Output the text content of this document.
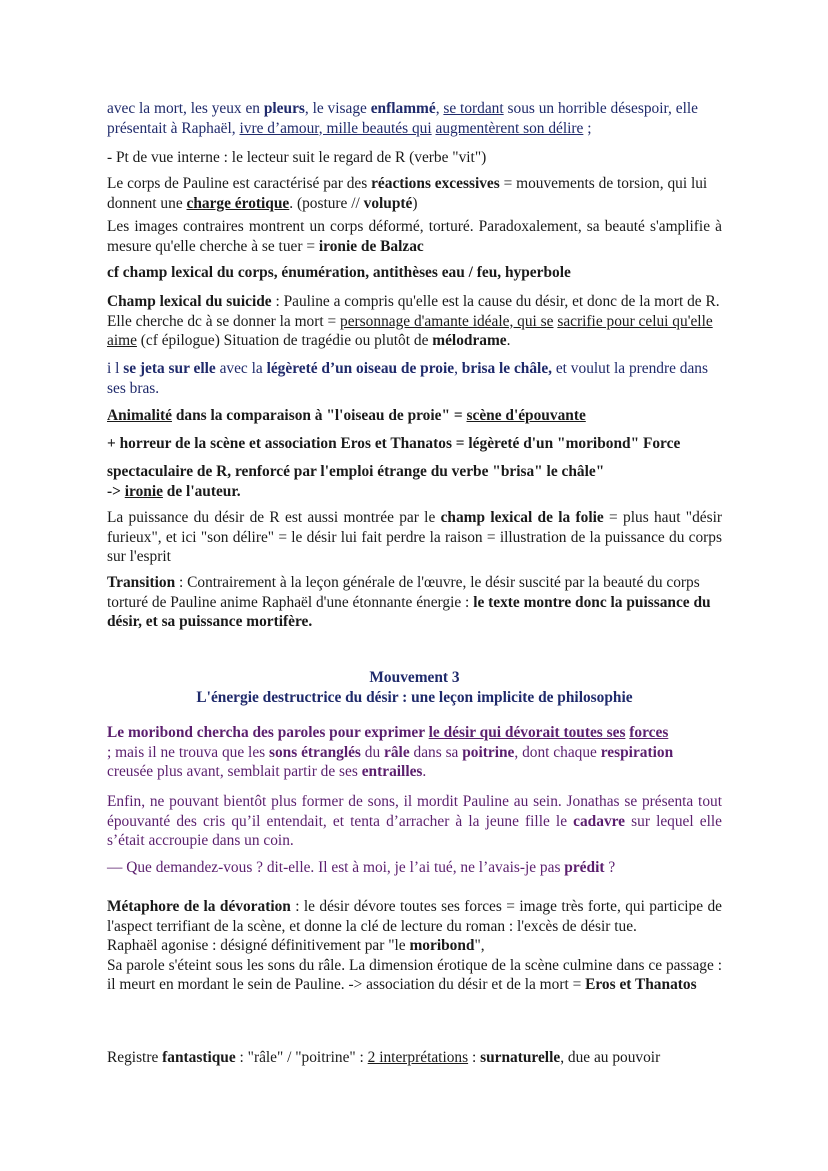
avec la mort, les yeux en pleurs, le visage enflammé, se tordant sous un horrible désespoir, elle présentait à Raphaël, ivre d’amour, mille beautés qui augmentèrent son délire ;

- Pt de vue interne : le lecteur suit le regard de R (verbe "vit")

Le corps de Pauline est caractérisé par des réactions excessives = mouvements de torsion, qui lui donnent une charge érotique. (posture // volupté)

Les images contraires montrent un corps déformé, torturé. Paradoxalement, sa beauté s'amplifie à mesure qu'elle cherche à se tuer = ironie de Balzac

cf champ lexical du corps, énumération, antithèses eau / feu, hyperbole

Champ lexical du suicide : Pauline a compris qu'elle est la cause du désir, et donc de la mort de R. Elle cherche dc à se donner la mort = personnage d'amante idéale, qui se sacrifie pour celui qu'elle aime (cf épilogue) Situation de tragédie ou plutôt de mélodrame.

i l se jeta sur elle avec la légèreté d’un oiseau de proie, brisa le châle, et voulut la prendre dans ses bras.

Animalité dans la comparaison à "l'oiseau de proie" = scène d'épouvante

+ horreur de la scène et association Eros et Thanatos = légèreté d'un "moribond" Force

spectaculaire de R, renforcé par l'emploi étrange du verbe "brisa" le châle"
-> ironie de l'auteur.

La puissance du désir de R est aussi montrée par le champ lexical de la folie = plus haut "désir furieux", et ici "son délire" = le désir lui fait perdre la raison = illustration de la puissance du corps sur l'esprit

Transition : Contrairement à la leçon générale de l'œuvre, le désir suscité par la beauté du corps torturé de Pauline anime Raphaël d'une étonnante énergie : le texte montre donc la puissance du désir, et sa puissance mortifère.

Mouvement 3
L'énergie destructrice du désir : une leçon implicite de philosophie

Le moribond chercha des paroles pour exprimer le désir qui dévorait toutes ses forces
; mais il ne trouva que les sons étranglés du râle dans sa poitrine, dont chaque respiration creusée plus avant, semblait partir de ses entrailles.

Enfin, ne pouvant bientôt plus former de sons, il mordit Pauline au sein. Jonathas se présenta tout épouvanté des cris qu’il entendait, et tenta d’arracher à la jeune fille le cadavre sur lequel elle s’était accroupie dans un coin.

— Que demandez-vous ? dit-elle. Il est à moi, je l’ai tué, ne l’avais-je pas prédit ?

Métaphore de la dévoration : le désir dévore toutes ses forces = image très forte, qui participe de l'aspect terrifiant de la scène, et donne la clé de lecture du roman : l'excès de désir tue.
Raphaël agonise : désigné définitivement par "le moribond",
Sa parole s'éteint sous les sons du râle. La dimension érotique de la scène culmine dans ce passage : il meurt en mordant le sein de Pauline. -> association du désir et de la mort = Eros et Thanatos

Registre fantastique : "râle" / "poitrine" : 2 interprétations : surnaturelle, due au pouvoir
